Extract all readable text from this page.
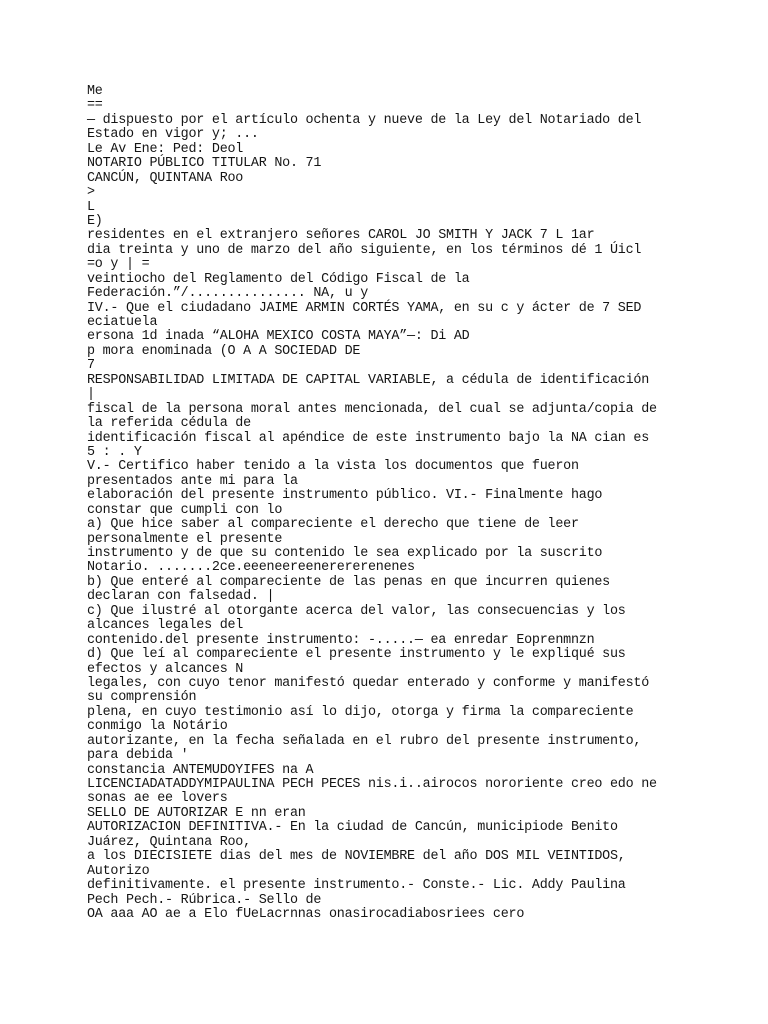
Me
==
— dispuesto por el artículo ochenta y nueve de la Ley del Notariado del
Estado en vigor y; ...
Le Av Ene: Ped: Deol
NOTARIO PÚBLICO TITULAR No. 71
CANCÚN, QUINTANA Roo
>
L
E)
residentes en el extranjero señores CAROL JO SMITH Y JACK 7 L 1ar
dia treinta y uno de marzo del año siguiente, en los términos dé 1 Úicl
=o y | =
veintiocho del Reglamento del Código Fiscal de la
Federación.”/............... NA, u y
IV.- Que el ciudadano JAIME ARMIN CORTÉS YAMA, en su c y ácter de 7 SED
eciatuela
ersona 1d inada “ALOHA MEXICO COSTA MAYA”—: Di AD
p mora enominada (O A A SOCIEDAD DE
7
RESPONSABILIDAD LIMITADA DE CAPITAL VARIABLE, a cédula de identificación
|
fiscal de la persona moral antes mencionada, del cual se adjunta/copia de
la referida cédula de
identificación fiscal al apéndice de este instrumento bajo la NA cian es
5 : . Y
V.- Certifico haber tenido a la vista los documentos que fueron
presentados ante mi para la
elaboración del presente instrumento público. VI.- Finalmente hago
constar que cumpli con lo
a) Que hice saber al compareciente el derecho que tiene de leer
personalmente el presente
instrumento y de que su contenido le sea explicado por la suscrito
Notario. .......2ce.eeeneereenerererenenes
b) Que enteré al compareciente de las penas en que incurren quienes
declaran con falsedad. |
c) Que ilustré al otorgante acerca del valor, las consecuencias y los
alcances legales del
contenido.del presente instrumento: -.....— ea enredar Eoprenmnzn
d) Que leí al compareciente el presente instrumento y le expliqué sus
efectos y alcances N
legales, con cuyo tenor manifestó quedar enterado y conforme y manifestó
su comprensión
plena, en cuyo testimonio así lo dijo, otorga y firma la compareciente
conmigo la Notário
autorizante, en la fecha señalada en el rubro del presente instrumento,
para debida '
constancia ANTEMUDOYIFES na A
LICENCIADATADDYMIPAULINA PECH PECES nis.i..airocos nororiente creo edo ne
sonas ae ee lovers
SELLO DE AUTORIZAR E nn eran
AUTORIZACION DEFINITIVA.- En la ciudad de Cancún, municipiode Benito
Juárez, Quintana Roo,
a los DIECISIETE dias del mes de NOVIEMBRE del año DOS MIL VEINTIDOS,
Autorizo
definitivamente. el presente instrumento.- Conste.- Lic. Addy Paulina
Pech Pech.- Rúbrica.- Sello de
OA aaa AO ae a Elo fUeLacrnnas onasirocadiabosriees cero
